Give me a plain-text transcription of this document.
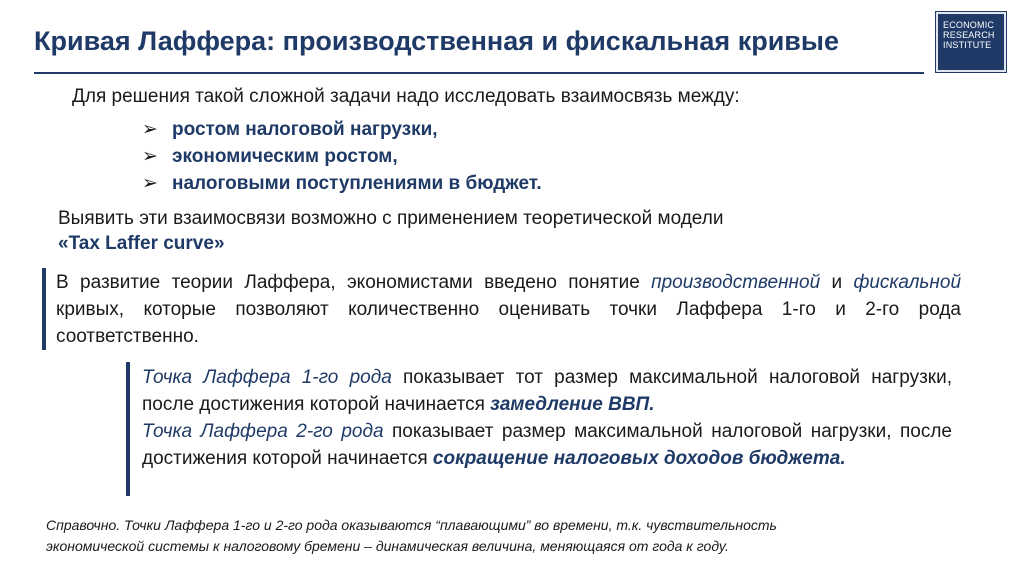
Кривая Лаффера: производственная и фискальная кривые
ECONOMIC
RESEARCH
INSTITUTE
Для решения такой сложной задачи надо исследовать взаимосвязь между:
➢ ростом налоговой нагрузки,
➢ экономическим ростом,
➢ налоговыми поступлениями в бюджет.
Выявить эти взаимосвязи возможно с применением теоретической модели
«Tax Laffer curve»
В развитие теории Лаффера, экономистами введено понятие производственной и фискальной кривых, которые позволяют количественно оценивать точки Лаффера 1-го и 2-го рода соответственно.
Точка Лаффера 1-го рода показывает тот размер максимальной налоговой нагрузки, после достижения которой начинается замедление ВВП.
Точка Лаффера 2-го рода показывает размер максимальной налоговой нагрузки, после достижения которой начинается сокращение налоговых доходов бюджета.
Справочно. Точки Лаффера 1-го и 2-го рода оказываются “плавающими” во времени, т.к. чувствительность
экономической системы к налоговому бремени – динамическая величина, меняющаяся от года к году.
